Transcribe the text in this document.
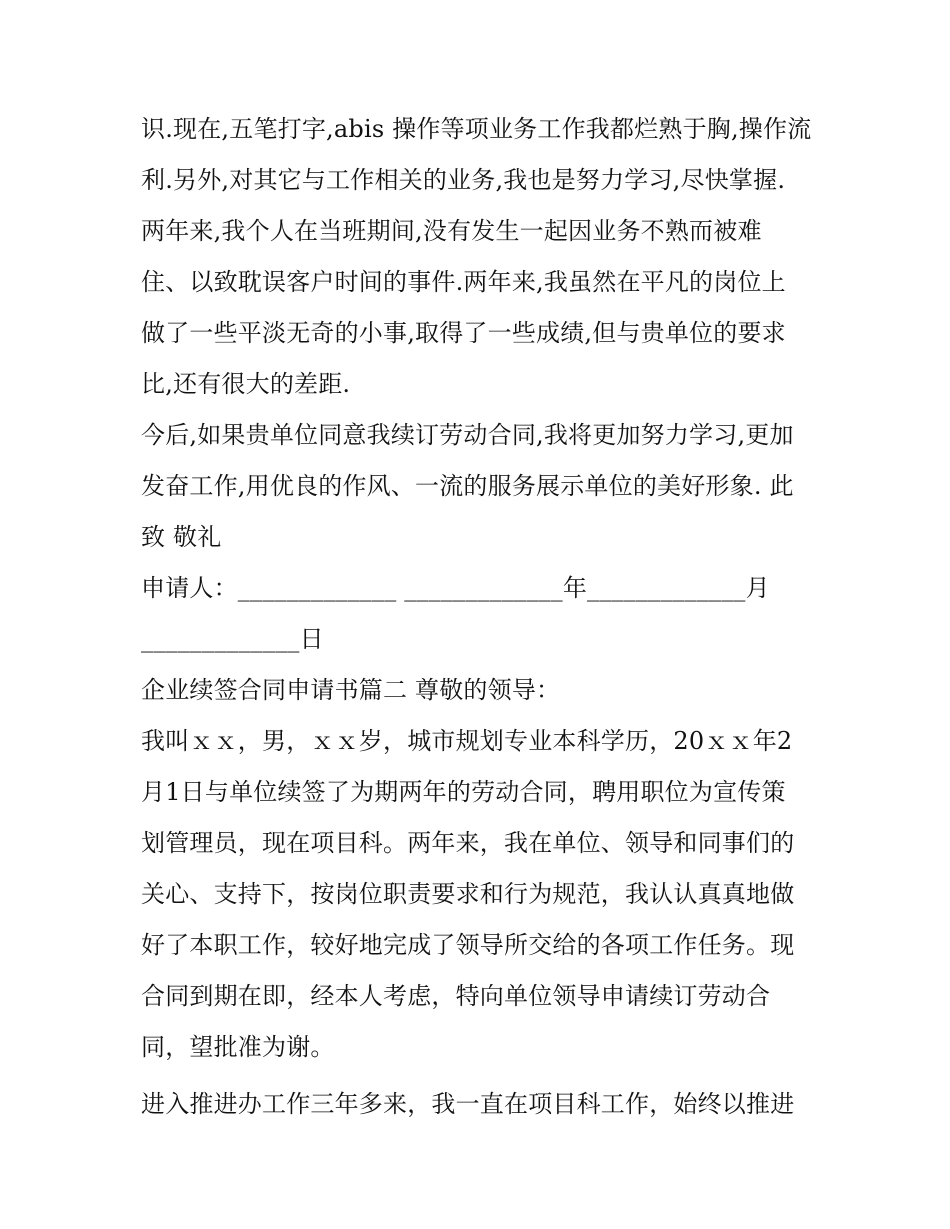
识.现在,五笔打字,abis 操作等项业务工作我都烂熟于胸,操作流
利.另外,对其它与工作相关的业务,我也是努力学习,尽快掌握.
两年来,我个人在当班期间,没有发生一起因业务不熟而被难
住、以致耽误客户时间的事件.两年来,我虽然在平凡的岗位上
做了一些平淡无奇的小事,取得了一些成绩,但与贵单位的要求
比,还有很大的差距.
今后,如果贵单位同意我续订劳动合同,我将更加努力学习,更加
发奋工作,用优良的作风、一流的服务展示单位的美好形象. 此
致 敬礼
申请人：_____________ _____________年_____________月
_____________日
企业续签合同申请书篇二 尊敬的领导：
我叫ｘｘ，男，ｘｘ岁，城市规划专业本科学历，20ｘｘ年2
月1日与单位续签了为期两年的劳动合同，聘用职位为宣传策
划管理员，现在项目科。两年来，我在单位、领导和同事们的
关心、支持下，按岗位职责要求和行为规范，我认认真真地做
好了本职工作，较好地完成了领导所交给的各项工作任务。现
合同到期在即，经本人考虑，特向单位领导申请续订劳动合
同，望批准为谢。
进入推进办工作三年多来，我一直在项目科工作，始终以推进
